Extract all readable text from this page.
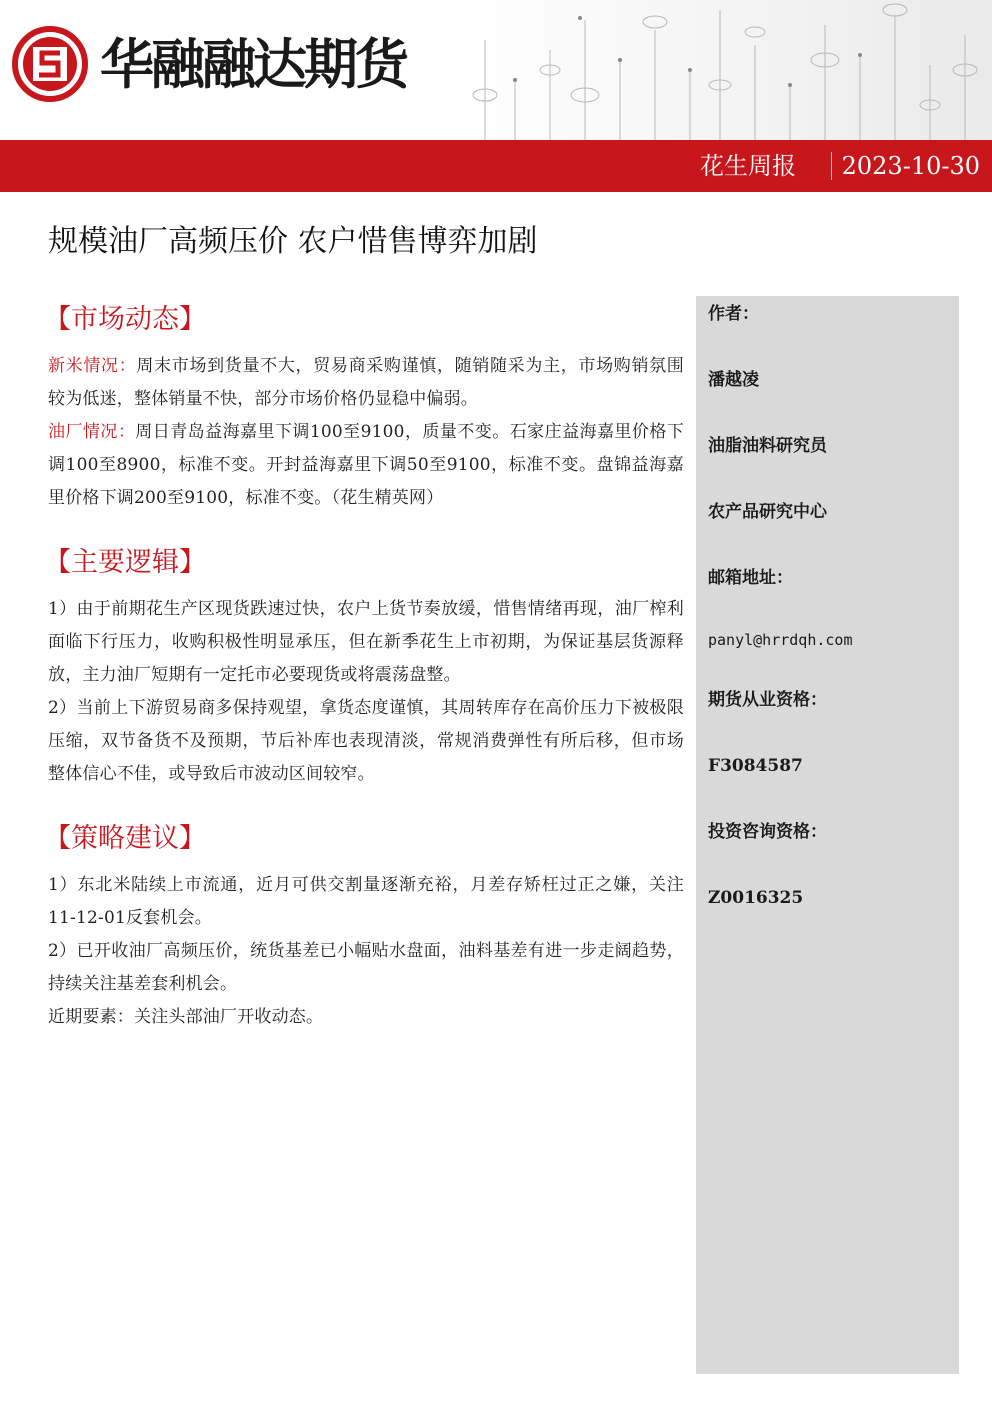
华融融达期货
花生周报 2023-10-30
规模油厂高频压价 农户惜售博弈加剧
【市场动态】

新米情况：周末市场到货量不大，贸易商采购谨慎，随销随采为主，市场购销氛围较为低迷，整体销量不快，部分市场价格仍显稳中偏弱。

油厂情况：周日青岛益海嘉里下调100至9100，质量不变。石家庄益海嘉里价格下调100至8900，标准不变。开封益海嘉里下调50至9100，标准不变。盘锦益海嘉里价格下调200至9100，标准不变。（花生精英网）

【主要逻辑】

1）由于前期花生产区现货跌速过快，农户上货节奏放缓，惜售情绪再现，油厂榨利面临下行压力，收购积极性明显承压，但在新季花生上市初期，为保证基层货源释放，主力油厂短期有一定托市必要现货或将震荡盘整。

2）当前上下游贸易商多保持观望，拿货态度谨慎，其周转库存在高价压力下被极限压缩，双节备货不及预期，节后补库也表现清淡，常规消费弹性有所后移，但市场整体信心不佳，或导致后市波动区间较窄。

【策略建议】

1）东北米陆续上市流通，近月可供交割量逐渐充裕，月差存矫枉过正之嫌，关注11-12-01反套机会。

2）已开收油厂高频压价，统货基差已小幅贴水盘面，油料基差有进一步走阔趋势，持续关注基差套利机会。

近期要素：关注头部油厂开收动态。

作者：
潘越凌
油脂油料研究员
农产品研究中心
邮箱地址：
panyl@hrrdqh.com
期货从业资格：
F3084587
投资咨询资格：
Z0016325
